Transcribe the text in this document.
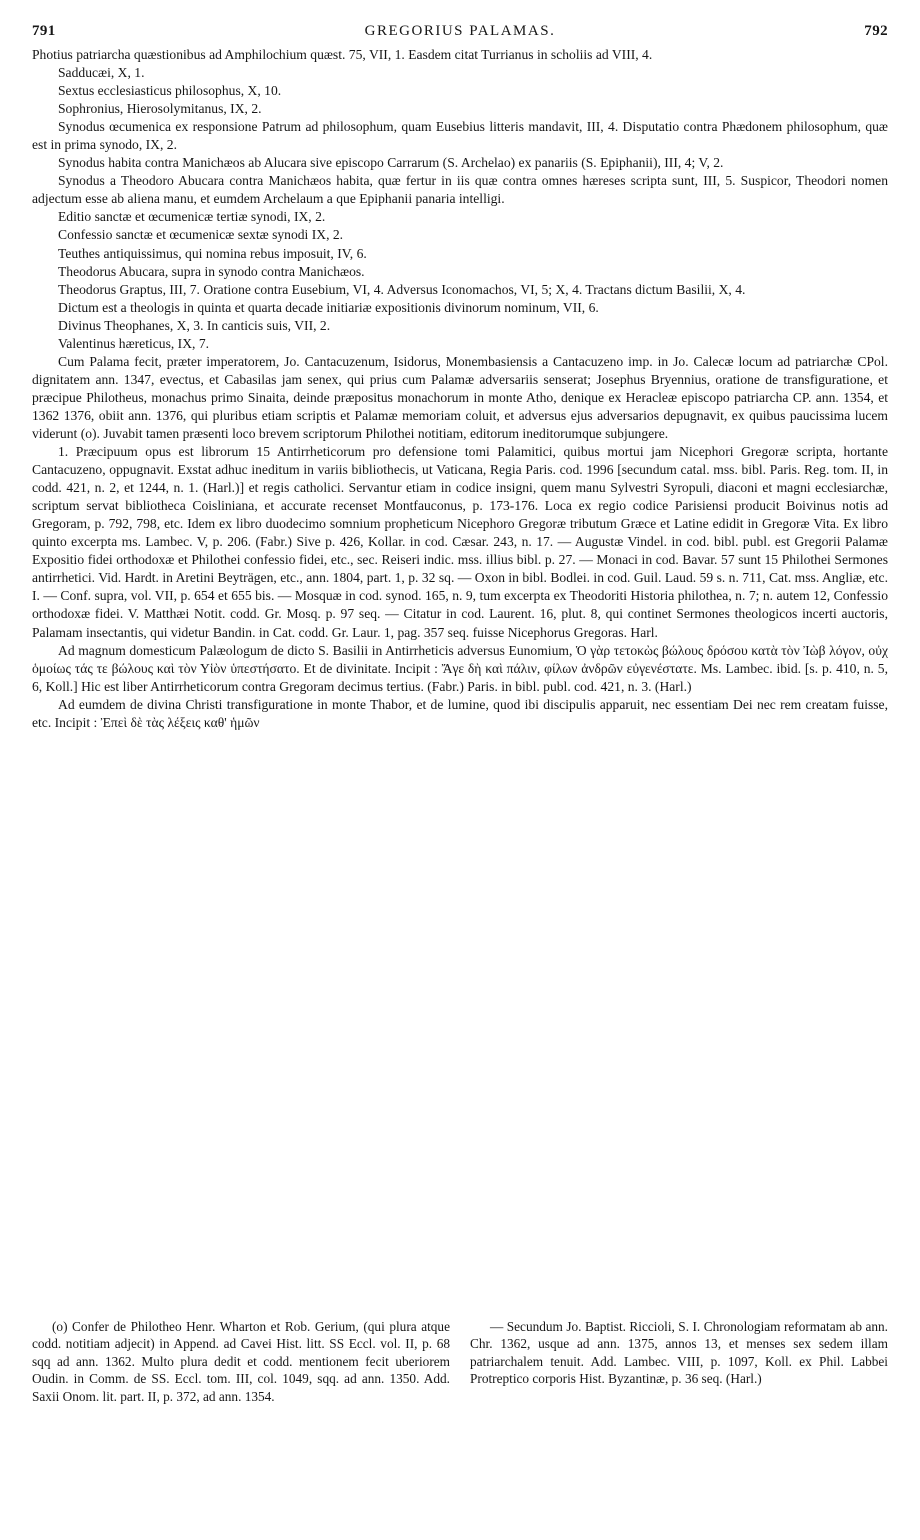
791	GREGORIUS PALAMAS.	792

Photius patriarcha quæstionibus ad Amphilochium quæst. 75, VII, 1. Easdem citat Turrianus in scholiis ad VIII, 4.

Sadducæi, X, 1.

Sextus ecclesiasticus philosophus, X, 10.

Sophronius, Hierosolymitanus, IX, 2.

Synodus œcumenica ex responsione Patrum ad philosophum, quam Eusebius litteris mandavit, III, 4. Disputatio contra Phædonem philosophum, quæ est in prima synodo, IX, 2.

Synodus habita contra Manichæos ab Alucara sive episcopo Carrarum (S. Archelao) ex panariis (S. Epiphanii), III, 4; V, 2.

Synodus a Theodoro Abucara contra Manichæos habita, quæ fertur in iis quæ contra omnes hæreses scripta sunt, III, 5. Suspicor, Theodori nomen adjectum esse ab aliena manu, et eumdem Archelaum a que Epiphanii panaria intelligi.

Editio sanctæ et œcumenicæ tertiæ synodi, IX, 2.

Confessio sanctæ et œcumenicæ sextæ synodi IX, 2.

Teuthes antiquissimus, qui nomina rebus imposuit, IV, 6.

Theodorus Abucara, supra in synodo contra Manichæos.

Theodorus Graptus, III, 7. Oratione contra Eusebium, VI, 4. Adversus Iconomachos, VI, 5; X, 4. Tractans dictum Basilii, X, 4.

Dictum est a theologis in quinta et quarta decade initiariæ expositionis divinorum nominum, VII, 6.

Divinus Theophanes, X, 3. In canticis suis, VII, 2.

Valentinus hæreticus, IX, 7.

Cum Palama fecit, præter imperatorem, Jo. Cantacuzenum, Isidorus, Monembasiensis a Cantacuzeno imp. in Jo. Calecæ locum ad patriarchæ CPol. dignitatem ann. 1347, evectus, et Cabasilas jam senex, qui prius cum Palamæ adversariis senserat; Josephus Bryennius, oratione de transfiguratione, et præcipue Philotheus, monachus primo Sinaita, deinde præpositus monachorum in monte Atho, denique ex Heracleæ episcopo patriarcha CP. ann. 1354, et 1362 1376, obiit ann. 1376, qui pluribus etiam scriptis et Palamæ memoriam coluit, et adversus ejus adversarios depugnavit, ex quibus paucissima lucem viderunt (o). Juvabit tamen præsenti loco brevem scriptorum Philothei notitiam, editorum ineditorumque subjungere.

1. Præcipuum opus est librorum 15 Antirrheticorum pro defensione tomi Palamitici, quibus mortui jam Nicephori Gregoræ scripta, hortante Cantacuzeno, oppugnavit. Exstat adhuc ineditum in variis bibliothecis, ut Vaticana, Regia Paris. cod. 1996 [secundum catal. mss. bibl. Paris. Reg. tom. II, in codd. 421, n. 2, et 1244, n. 1. (Harl.)] et regis catholici. Servantur etiam in codice insigni, quem manu Sylvestri Syropuli, diaconi et magni ecclesiarchæ, scriptum servat bibliotheca Coisliniana, et accurate recenset Montfauconus, p. 173-176. Loca ex regio codice Parisiensi producit Boivinus notis ad Gregoram, p. 792, 798, etc. Idem ex libro duodecimo somnium propheticum Nicephoro Gregoræ tributum Græce et Latine edidit in Gregoræ Vita. Ex libro quinto excerpta ms. Lambec. V, p. 206. (Fabr.) Sive p. 426, Kollar. in cod. Cæsar. 243, n. 17. — Augustæ Vindel. in cod. bibl. publ. est Gregorii Palamæ Expositio fidei orthodoxæ et Philothei confessio fidei, etc., sec. Reiseri indic. mss. illius bibl. p. 27. — Monaci in cod. Bavar. 57 sunt 15 Philothei Sermones antirrhetici. Vid. Hardt. in Aretini Beyträgen, etc., ann. 1804, part. 1, p. 32 sq. — Oxon in bibl. Bodlei. in cod. Guil. Laud. 59 s. n. 711, Cat. mss. Angliæ, etc. I. — Conf. supra, vol. VII, p. 654 et 655 bis. — Mosquæ in cod. synod. 165, n. 9, tum excerpta ex Theodoriti Historia philothea, n. 7; n. autem 12, Confessio orthodoxæ fidei. V. Matthæi Notit. codd. Gr. Mosq. p. 97 seq. — Citatur in cod. Laurent. 16, plut. 8, qui continet Sermones theologicos incerti auctoris, Palamam insectantis, qui videtur Bandin. in Cat. codd. Gr. Laur. 1, pag. 357 seq. fuisse Nicephorus Gregoras. Harl.

Ad magnum domesticum Palæologum de dicto S. Basilii in Antirrheticis adversus Eunomium, Ὁ γὰρ τετοκὼς βώλους δρόσου κατὰ τὸν Ἰὼβ λόγον, οὐχ ὁμοίως τάς τε βώλους καὶ τὸν Υἱὸν ὑπεστήσατο. Et de divinitate. Incipit : Ἄγε δὴ καὶ πάλιν, φίλων ἀνδρῶν εὐγενέστατε. Ms. Lambec. ibid. [s. p. 410, n. 5, 6, Koll.] Hic est liber Antirrheticorum contra Gregoram decimus tertius. (Fabr.) Paris. in bibl. publ. cod. 421, n. 3. (Harl.)

Ad eumdem de divina Christi transfiguratione in monte Thabor, et de lumine, quod ibi discipulis apparuit, nec essentiam Dei nec rem creatam fuisse, etc. Incipit : Ἐπεὶ δὲ τὰς λέξεις καθ' ἡμῶν

(o) Confer de Philotheo Henr. Wharton et Rob. Gerium, (qui plura atque codd. notitiam adjecit) in Append. ad Cavei Hist. litt. SS Eccl. vol. II, p. 68 sqq ad ann. 1362. Multo plura dedit et codd. mentionem fecit uberiorem Oudin. in Comm. de SS. Eccl. tom. III, col. 1049, sqq. ad ann. 1350. Add. Saxii Onom. lit. part. II, p. 372, ad ann. 1354.

— Secundum Jo. Baptist. Riccioli, S. I. Chronologiam reformatam ab ann. Chr. 1362, usque ad ann. 1375, annos 13, et menses sex sedem illam patriarchalem tenuit. Add. Lambec. VIII, p. 1097, Koll. ex Phil. Labbei Protreptico corporis Hist. Byzantinæ, p. 36 seq. (Harl.)
